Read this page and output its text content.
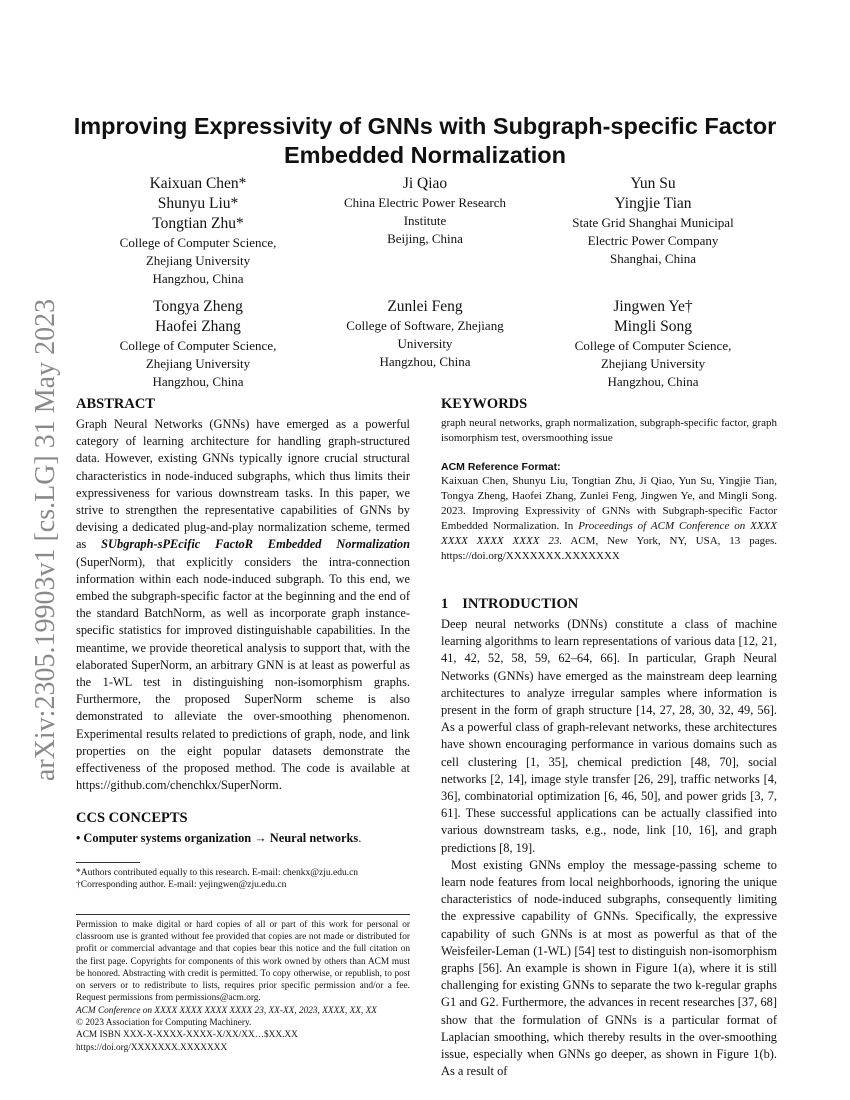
arXiv:2305.19903v1 [cs.LG] 31 May 2023
Improving Expressivity of GNNs with Subgraph-specific Factor Embedded Normalization
Kaixuan Chen*
Shunyu Liu*
Tongtian Zhu*
College of Computer Science,
Zhejiang University
Hangzhou, China
Ji Qiao
China Electric Power Research
Institute
Beijing, China
Yun Su
Yingjie Tian
State Grid Shanghai Municipal
Electric Power Company
Shanghai, China
Tongya Zheng
Haofei Zhang
College of Computer Science,
Zhejiang University
Hangzhou, China
Zunlei Feng
College of Software, Zhejiang
University
Hangzhou, China
Jingwen Ye†
Mingli Song
College of Computer Science,
Zhejiang University
Hangzhou, China
ABSTRACT

Graph Neural Networks (GNNs) have emerged as a powerful category of learning architecture for handling graph-structured data. However, existing GNNs typically ignore crucial structural characteristics in node-induced subgraphs, which thus limits their expressiveness for various downstream tasks. In this paper, we strive to strengthen the representative capabilities of GNNs by devising a dedicated plug-and-play normalization scheme, termed as SUbgraph-sPEcific FactoR Embedded Normalization (SuperNorm), that explicitly considers the intra-connection information within each node-induced subgraph. To this end, we embed the subgraph-specific factor at the beginning and the end of the standard BatchNorm, as well as incorporate graph instance-specific statistics for improved distinguishable capabilities. In the meantime, we provide theoretical analysis to support that, with the elaborated SuperNorm, an arbitrary GNN is at least as powerful as the 1-WL test in distinguishing non-isomorphism graphs. Furthermore, the proposed SuperNorm scheme is also demonstrated to alleviate the over-smoothing phenomenon. Experimental results related to predictions of graph, node, and link properties on the eight popular datasets demonstrate the effectiveness of the proposed method. The code is available at https://github.com/chenchkx/SuperNorm.

CCS CONCEPTS

• Computer systems organization → Neural networks.

*Authors contributed equally to this research. E-mail: chenkx@zju.edu.cn
†Corresponding author. E-mail: yejingwen@zju.edu.cn
Permission to make digital or hard copies of all or part of this work for personal or classroom use is granted without fee provided that copies are not made or distributed for profit or commercial advantage and that copies bear this notice and the full citation on the first page. Copyrights for components of this work owned by others than ACM must be honored. Abstracting with credit is permitted. To copy otherwise, or republish, to post on servers or to redistribute to lists, requires prior specific permission and/or a fee. Request permissions from permissions@acm.org.
ACM Conference on XXXX XXXX XXXX XXXX 23, XX-XX, 2023, XXXX, XX, XX
© 2023 Association for Computing Machinery.
ACM ISBN XXX-X-XXXX-XXXX-X/XX/XX…$XX.XX
https://doi.org/XXXXXXX.XXXXXXX
KEYWORDS

graph neural networks, graph normalization, subgraph-specific factor, graph isomorphism test, oversmoothing issue

ACM Reference Format:

Kaixuan Chen, Shunyu Liu, Tongtian Zhu, Ji Qiao, Yun Su, Yingjie Tian, Tongya Zheng, Haofei Zhang, Zunlei Feng, Jingwen Ye, and Mingli Song. 2023. Improving Expressivity of GNNs with Subgraph-specific Factor Embedded Normalization. In Proceedings of ACM Conference on XXXX XXXX XXXX XXXX 23. ACM, New York, NY, USA, 13 pages. https://doi.org/XXXXXXX.XXXXXXX

1 INTRODUCTION

Deep neural networks (DNNs) constitute a class of machine learning algorithms to learn representations of various data [12, 21, 41, 42, 52, 58, 59, 62–64, 66]. In particular, Graph Neural Networks (GNNs) have emerged as the mainstream deep learning architectures to analyze irregular samples where information is present in the form of graph structure [14, 27, 28, 30, 32, 49, 56]. As a powerful class of graph-relevant networks, these architectures have shown encouraging performance in various domains such as cell clustering [1, 35], chemical prediction [48, 70], social networks [2, 14], image style transfer [26, 29], traffic networks [4, 36], combinatorial optimization [6, 46, 50], and power grids [3, 7, 61]. These successful applications can be actually classified into various downstream tasks, e.g., node, link [10, 16], and graph predictions [8, 19].

Most existing GNNs employ the message-passing scheme to learn node features from local neighborhoods, ignoring the unique characteristics of node-induced subgraphs, consequently limiting the expressive capability of GNNs. Specifically, the expressive capability of such GNNs is at most as powerful as that of the Weisfeiler-Leman (1-WL) [54] test to distinguish non-isomorphism graphs [56]. An example is shown in Figure 1(a), where it is still challenging for existing GNNs to separate the two k-regular graphs G1 and G2. Furthermore, the advances in recent researches [37, 68] show that the formulation of GNNs is a particular format of Laplacian smoothing, which thereby results in the over-smoothing issue, especially when GNNs go deeper, as shown in Figure 1(b). As a result of
